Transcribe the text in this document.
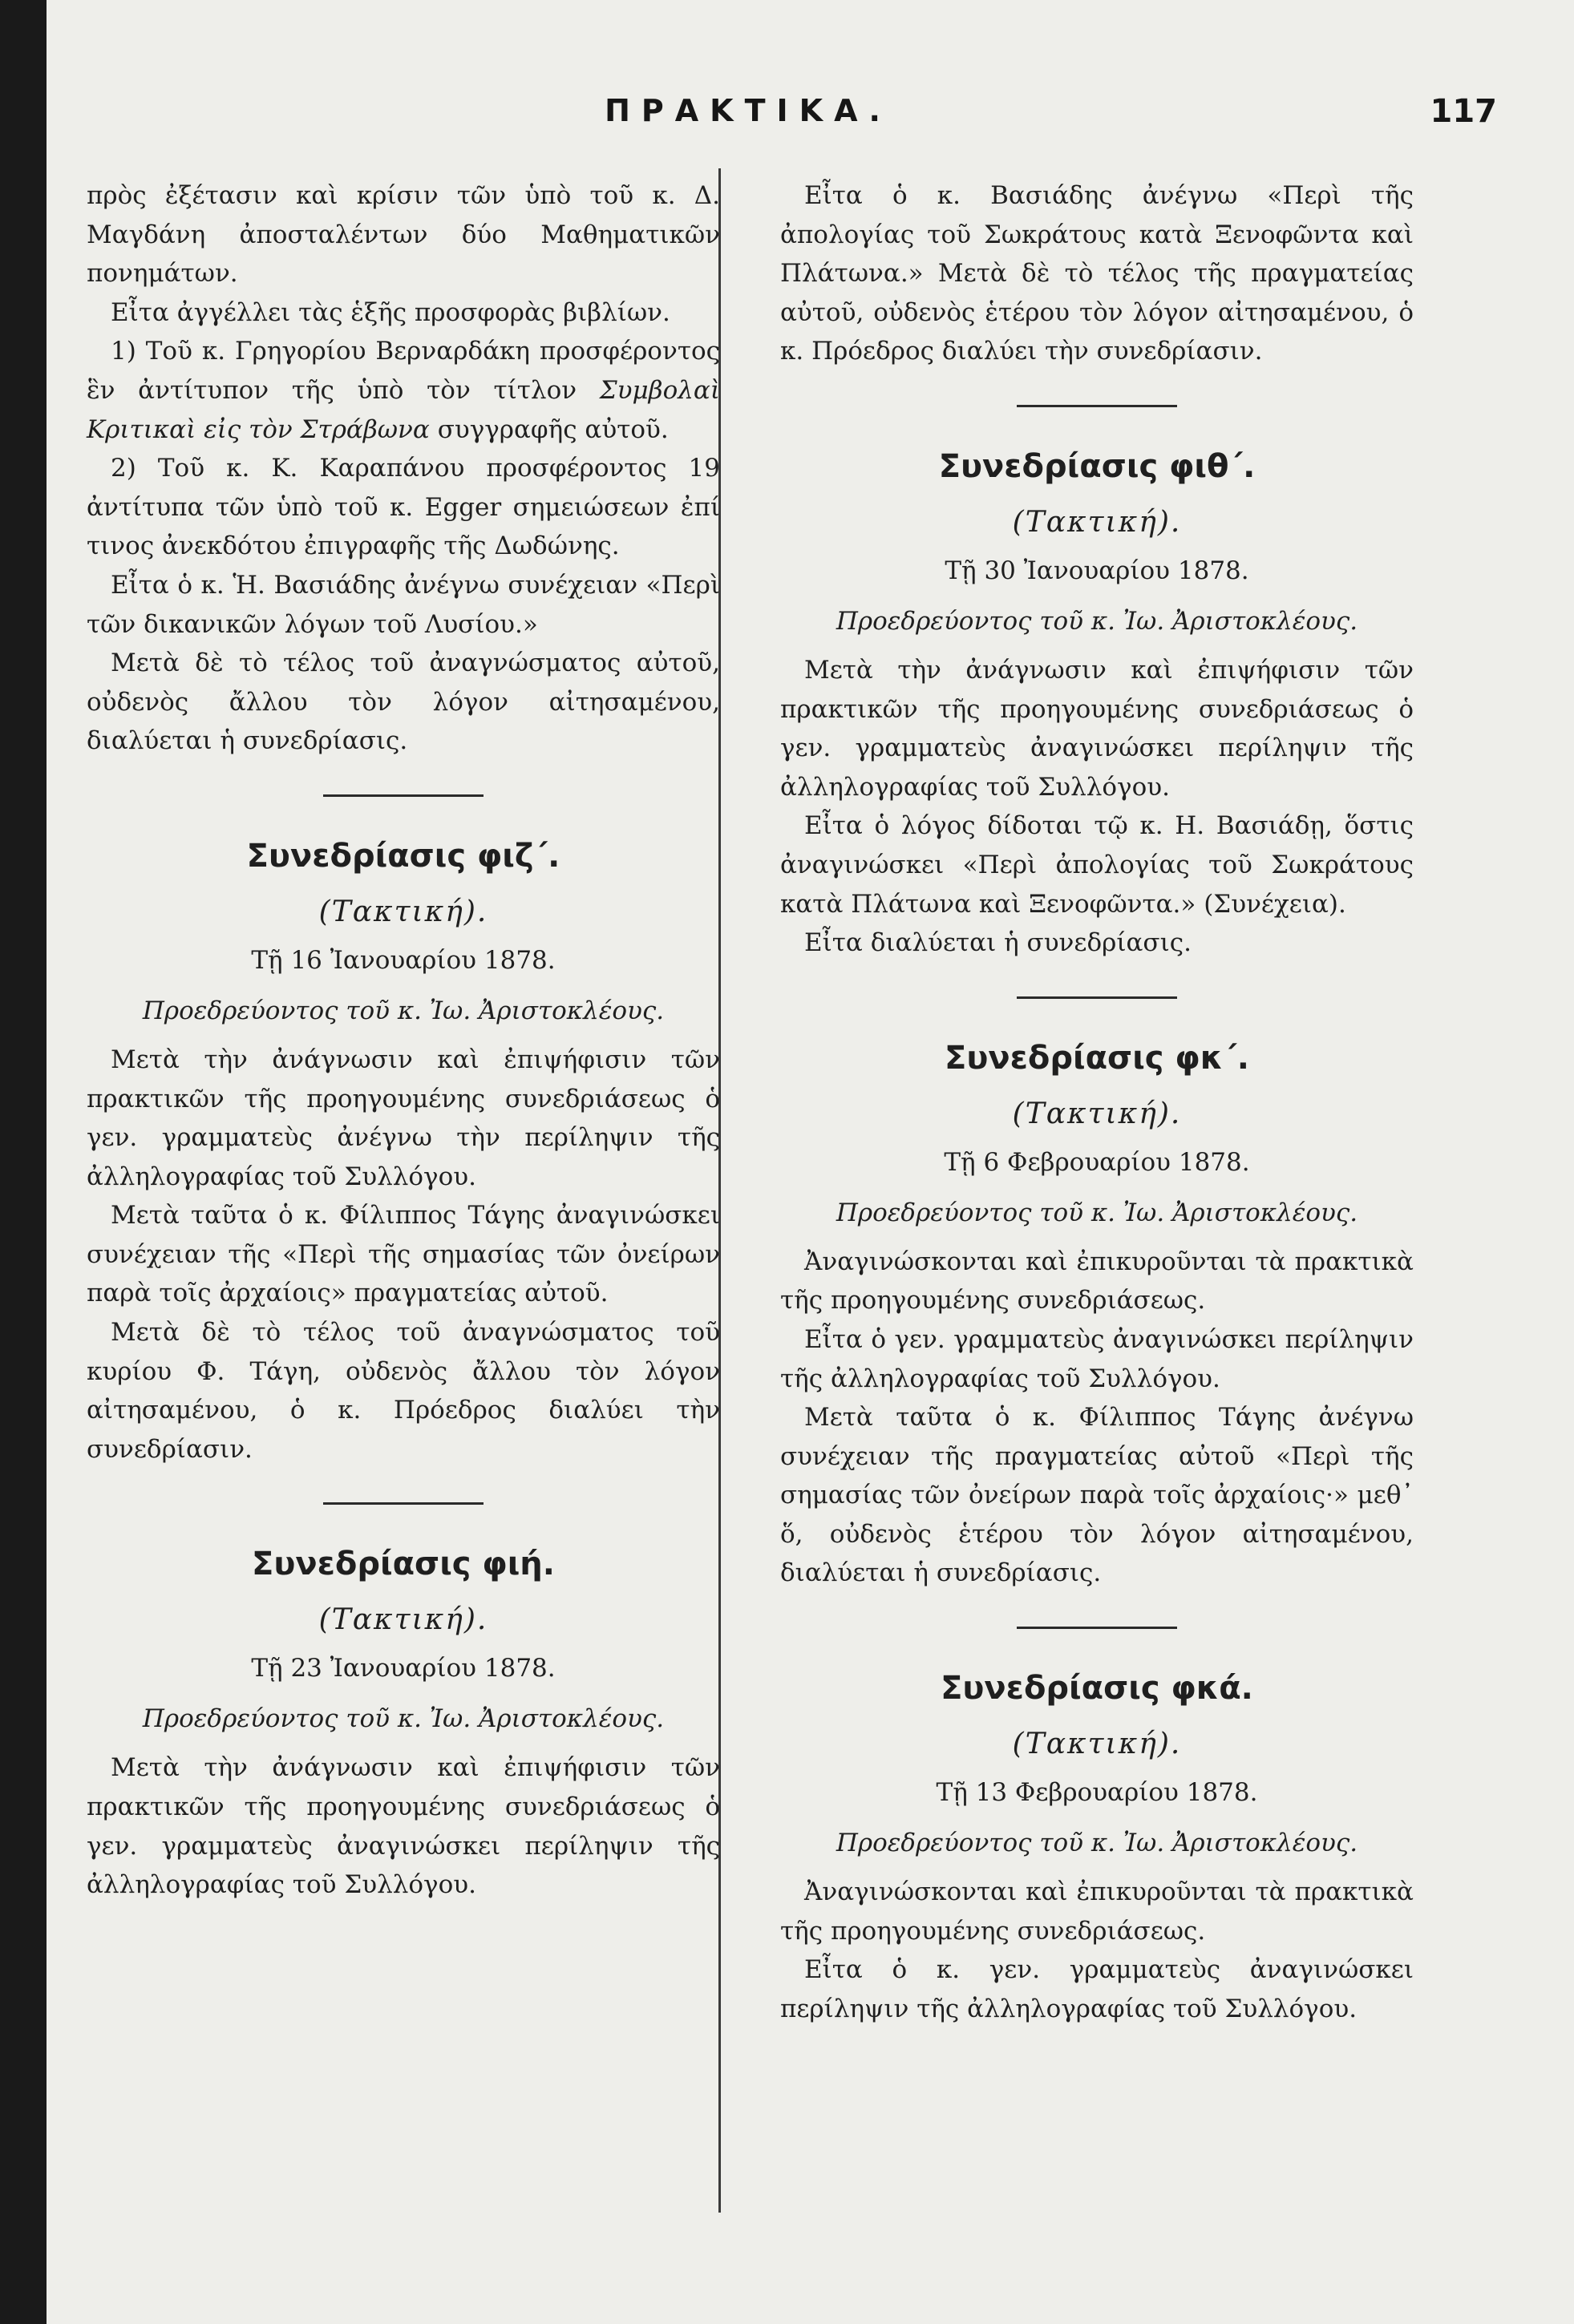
ΠΡΑΚΤΙΚΑ.	117

πρὸς ἐξέτασιν καὶ κρίσιν τῶν ὑπὸ τοῦ κ. Δ. Μαγδάνη ἀποσταλέντων δύο Μαθηματικῶν πονημάτων.

Εἶτα ἀγγέλλει τὰς ἑξῆς προσφορὰς βιβλίων.

1) Τοῦ κ. Γρηγορίου Βερναρδάκη προσφέροντος ἓν ἀντίτυπον τῆς ὑπὸ τὸν τίτλον Συμβολαὶ Κριτικαὶ εἰς τὸν Στράβωνα συγγραφῆς αὐτοῦ.

2) Τοῦ κ. Κ. Καραπάνου προσφέροντος 19 ἀντίτυπα τῶν ὑπὸ τοῦ κ. Egger σημειώσεων ἐπί τινος ἀνεκδότου ἐπιγραφῆς τῆς Δωδώνης.

Εἶτα ὁ κ. Ἡ. Βασιάδης ἀνέγνω συνέχειαν «Περὶ τῶν δικανικῶν λόγων τοῦ Λυσίου.»

Μετὰ δὲ τὸ τέλος τοῦ ἀναγνώσματος αὐτοῦ, οὐδενὸς ἄλλου τὸν λόγον αἰτησαμένου, διαλύεται ἡ συνεδρίασις.

Συνεδρίασις φιζ΄.
(Τακτική).
Τῇ 16 Ἰανουαρίου 1878.
Προεδρεύοντος τοῦ κ. Ἰω. Ἀριστοκλέους.

Μετὰ τὴν ἀνάγνωσιν καὶ ἐπιψήφισιν τῶν πρακτικῶν τῆς προηγουμένης συνεδριάσεως ὁ γεν. γραμματεὺς ἀνέγνω τὴν περίληψιν τῆς ἀλληλογραφίας τοῦ Συλλόγου.

Μετὰ ταῦτα ὁ κ. Φίλιππος Τάγης ἀναγινώσκει συνέχειαν τῆς «Περὶ τῆς σημασίας τῶν ὀνείρων παρὰ τοῖς ἀρχαίοις» πραγματείας αὐτοῦ.

Μετὰ δὲ τὸ τέλος τοῦ ἀναγνώσματος τοῦ κυρίου Φ. Τάγη, οὐδενὸς ἄλλου τὸν λόγον αἰτησαμένου, ὁ κ. Πρόεδρος διαλύει τὴν συνεδρίασιν.

Συνεδρίασις φιή.
(Τακτική).
Τῇ 23 Ἰανουαρίου 1878.
Προεδρεύοντος τοῦ κ. Ἰω. Ἀριστοκλέους.

Μετὰ τὴν ἀνάγνωσιν καὶ ἐπιψήφισιν τῶν πρακτικῶν τῆς προηγουμένης συνεδριάσεως ὁ γεν. γραμματεὺς ἀναγινώσκει περίληψιν τῆς ἀλληλογραφίας τοῦ Συλλόγου.

Εἶτα ὁ κ. Βασιάδης ἀνέγνω «Περὶ τῆς ἀπολογίας τοῦ Σωκράτους κατὰ Ξενοφῶντα καὶ Πλάτωνα.» Μετὰ δὲ τὸ τέλος τῆς πραγματείας αὐτοῦ, οὐδενὸς ἑτέρου τὸν λόγον αἰτησαμένου, ὁ κ. Πρόεδρος διαλύει τὴν συνεδρίασιν.

Συνεδρίασις φιθ΄.
(Τακτική).
Τῇ 30 Ἰανουαρίου 1878.
Προεδρεύοντος τοῦ κ. Ἰω. Ἀριστοκλέους.

Μετὰ τὴν ἀνάγνωσιν καὶ ἐπιψήφισιν τῶν πρακτικῶν τῆς προηγουμένης συνεδριάσεως ὁ γεν. γραμματεὺς ἀναγινώσκει περίληψιν τῆς ἀλληλογραφίας τοῦ Συλλόγου.

Εἶτα ὁ λόγος δίδοται τῷ κ. Η. Βασιάδῃ, ὅστις ἀναγινώσκει «Περὶ ἀπολογίας τοῦ Σωκράτους κατὰ Πλάτωνα καὶ Ξενοφῶντα.» (Συνέχεια).

Εἶτα διαλύεται ἡ συνεδρίασις.

Συνεδρίασις φκ΄.
(Τακτική).
Τῇ 6 Φεβρουαρίου 1878.
Προεδρεύοντος τοῦ κ. Ἰω. Ἀριστοκλέους.

Ἀναγινώσκονται καὶ ἐπικυροῦνται τὰ πρακτικὰ τῆς προηγουμένης συνεδριάσεως.

Εἶτα ὁ γεν. γραμματεὺς ἀναγινώσκει περίληψιν τῆς ἀλληλογραφίας τοῦ Συλλόγου.

Μετὰ ταῦτα ὁ κ. Φίλιππος Τάγης ἀνέγνω συνέχειαν τῆς πραγματείας αὐτοῦ «Περὶ τῆς σημασίας τῶν ὀνείρων παρὰ τοῖς ἀρχαίοις·» μεθ᾽ ὅ, οὐδενὸς ἑτέρου τὸν λόγον αἰτησαμένου, διαλύεται ἡ συνεδρίασις.

Συνεδρίασις φκά.
(Τακτική).
Τῇ 13 Φεβρουαρίου 1878.
Προεδρεύοντος τοῦ κ. Ἰω. Ἀριστοκλέους.

Ἀναγινώσκονται καὶ ἐπικυροῦνται τὰ πρακτικὰ τῆς προηγουμένης συνεδριάσεως.

Εἶτα ὁ κ. γεν. γραμματεὺς ἀναγινώσκει περίληψιν τῆς ἀλληλογραφίας τοῦ Συλλόγου.
